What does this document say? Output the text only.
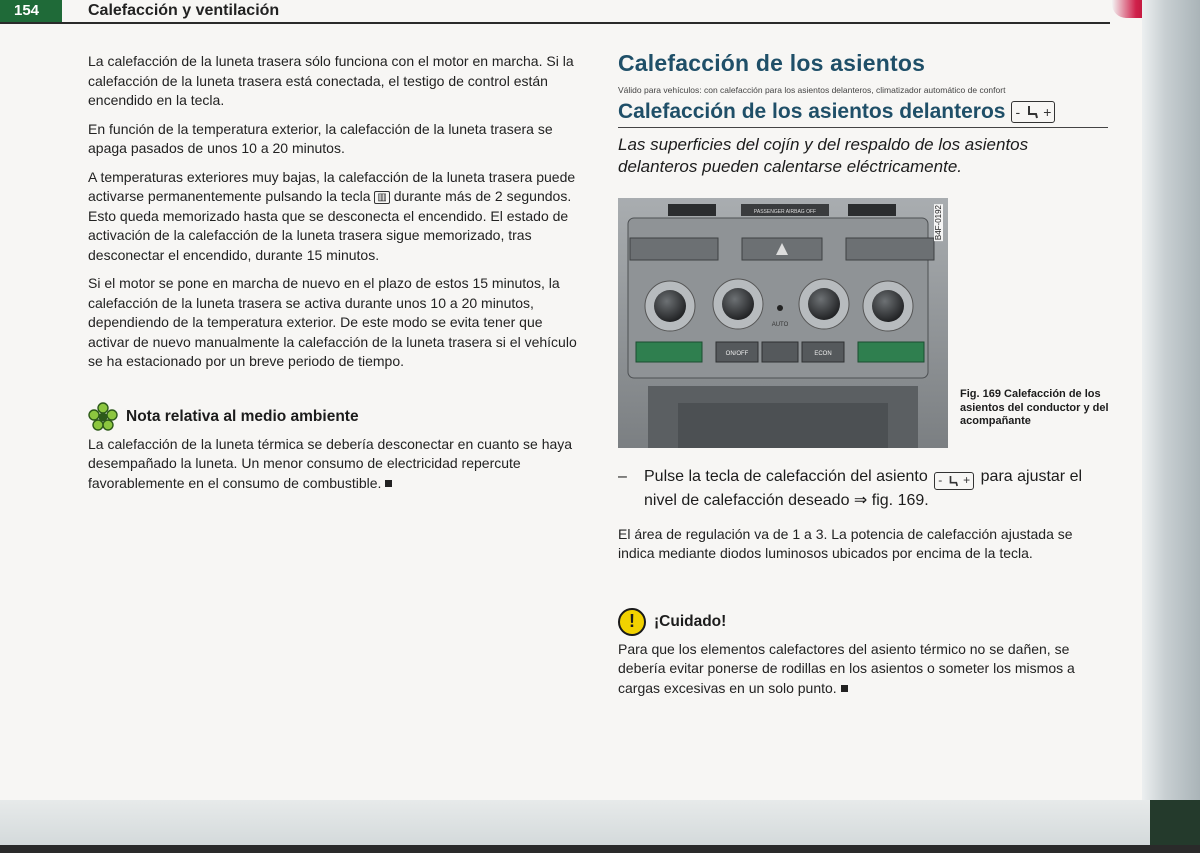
154	Calefacción y ventilación

La calefacción de la luneta trasera sólo funciona con el motor en marcha. Si la calefacción de la luneta trasera está conectada, el testigo de control están encendido en la tecla.

En función de la temperatura exterior, la calefacción de la luneta trasera se apaga pasados de unos 10 a 20 minutos.

A temperaturas exteriores muy bajas, la calefacción de la luneta trasera puede activarse permanentemente pulsando la tecla ▥ durante más de 2 segundos. Esto queda memorizado hasta que se desconecta el encendido. El estado de activación de la calefacción de la luneta trasera sigue memorizado, tras desconectar el encendido, durante 15 minutos.

Si el motor se pone en marcha de nuevo en el plazo de estos 15 minutos, la calefacción de la luneta trasera se activa durante unos 10 a 20 minutos, dependiendo de la temperatura exterior. De este modo se evita tener que activar de nuevo manualmente la calefacción de la luneta trasera si el vehículo se ha estacionado por un breve periodo de tiempo.

Nota relativa al medio ambiente

La calefacción de la luneta térmica se debería desconectar en cuanto se haya desempañado la luneta. Un menor consumo de electricidad repercute favorablemente en el consumo de combustible.

Calefacción de los asientos
Válido para vehículos: con calefacción para los asientos delanteros, climatizador automático de confort
Calefacción de los asientos delanteros - +

Las superficies del cojín y del respaldo de los asientos delanteros pueden calentarse eléctricamente.

PASSENGER AIRBAG OFF
AUTO
ON/OFF	ECON
B4F-0192
Fig. 169 Calefacción de los asientos del conductor y del acompañante
–	Pulse la tecla de calefacción del asiento - + para ajustar el nivel de calefacción deseado ⇒ fig. 169.

El área de regulación va de 1 a 3. La potencia de calefacción ajustada se indica mediante diodos luminosos ubicados por encima de la tecla.

!	¡Cuidado!

Para que los elementos calefactores del asiento térmico no se dañen, se debería evitar ponerse de rodillas en los asientos o someter los mismos a cargas excesivas en un solo punto.
